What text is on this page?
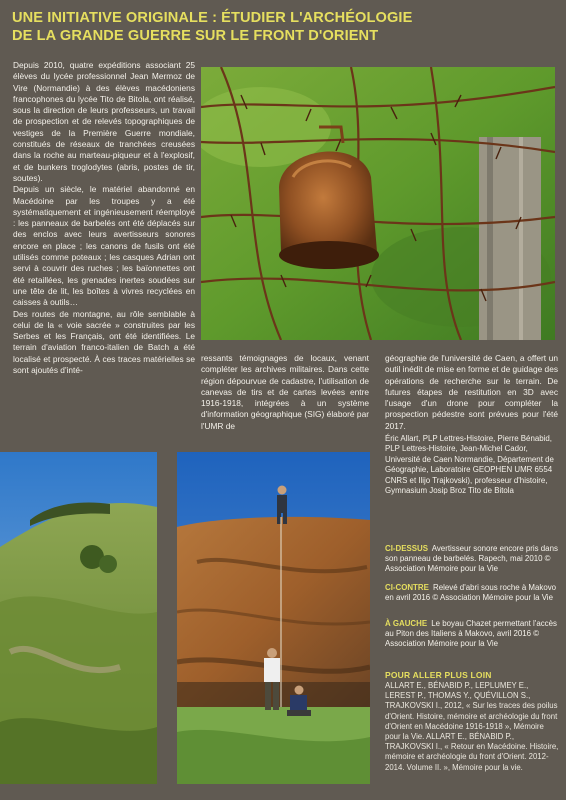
UNE INITIATIVE ORIGINALE : ÉTUDIER L'ARCHÉOLOGIE
DE LA GRANDE GUERRE SUR LE FRONT D'ORIENT

Depuis 2010, quatre expéditions associant 25 élèves du lycée professionnel Jean Mermoz de Vire (Normandie) à des élèves macédoniens francophones du lycée Tito de Bitola, ont réalisé, sous la direction de leurs professeurs, un travail de prospection et de relevés topographiques de vestiges de la Première Guerre mondiale, constitués de réseaux de tranchées creusées dans la roche au marteau-piqueur et à l'explosif, et de bunkers troglodytes (abris, postes de tir, soutes).

Depuis un siècle, le matériel abandonné en Macédoine par les troupes y a été systématiquement et ingénieusement réemployé : les panneaux de barbelés ont été déplacés sur des enclos avec leurs avertisseurs sonores encore en place ; les canons de fusils ont été utilisés comme poteaux ; les casques Adrian ont servi à couvrir des ruches ; les baïonnettes ont été retaillées, les grenades inertes soudées sur une tête de lit, les boîtes à vivres recyclées en caisses à outils…

Des routes de montagne, au rôle semblable à celui de la « voie sacrée » construites par les Serbes et les Français, ont été identifiées. Le terrain d'aviation franco-italien de Batch a été localisé et prospecté. À ces traces matérielles se sont ajoutés d'inté-

ressants témoignages de locaux, venant compléter les archives militaires. Dans cette région dépourvue de cadastre, l'utilisation de canevas de tirs et de cartes levées entre 1916-1918, intégrées à un système d'information géographique (SIG) élaboré par l'UMR de

géographie de l'université de Caen, a offert un outil inédit de mise en forme et de guidage des opérations de recherche sur le terrain. De futures étapes de restitution en 3D avec l'usage d'un drone pour compléter la prospection pédestre sont prévues pour l'été 2017.

Éric Allart, PLP Lettres-Histoire, Pierre Bénabid, PLP Lettres-Histoire, Jean-Michel Cador, Université de Caen Normandie, Département de Géographie, Laboratoire GEOPHEN UMR 6554 CNRS et Ilijo Trajkovski), professeur d'histoire, Gymnasium Josip Broz Tito de Bitola

CI-DESSUS Avertisseur sonore encore pris dans son panneau de barbelés. Rapech, mai 2010 © Association Mémoire pour la Vie

CI-CONTRE Relevé d'abri sous roche à Makovo en avril 2016 © Association Mémoire pour la Vie

À GAUCHE Le boyau Chazet permettant l'accès au Piton des Italiens à Makovo, avril 2016 © Association Mémoire pour la Vie

POUR ALLER PLUS LOIN

ALLART E., BÉNABID P., LEPLUMEY E., LEREST P., THOMAS Y., QUÉVILLON S., TRAJKOVSKI I., 2012, « Sur les traces des poilus d'Orient. Histoire, mémoire et archéologie du front d'Orient en Macédoine 1916-1918 », Mémoire pour la Vie. ALLART E., BÉNABID P., TRAJKOVSKI I., « Retour en Macédoine. Histoire, mémoire et archéologie du front d'Orient. 2012-2014. Volume II. », Mémoire pour la vie.
